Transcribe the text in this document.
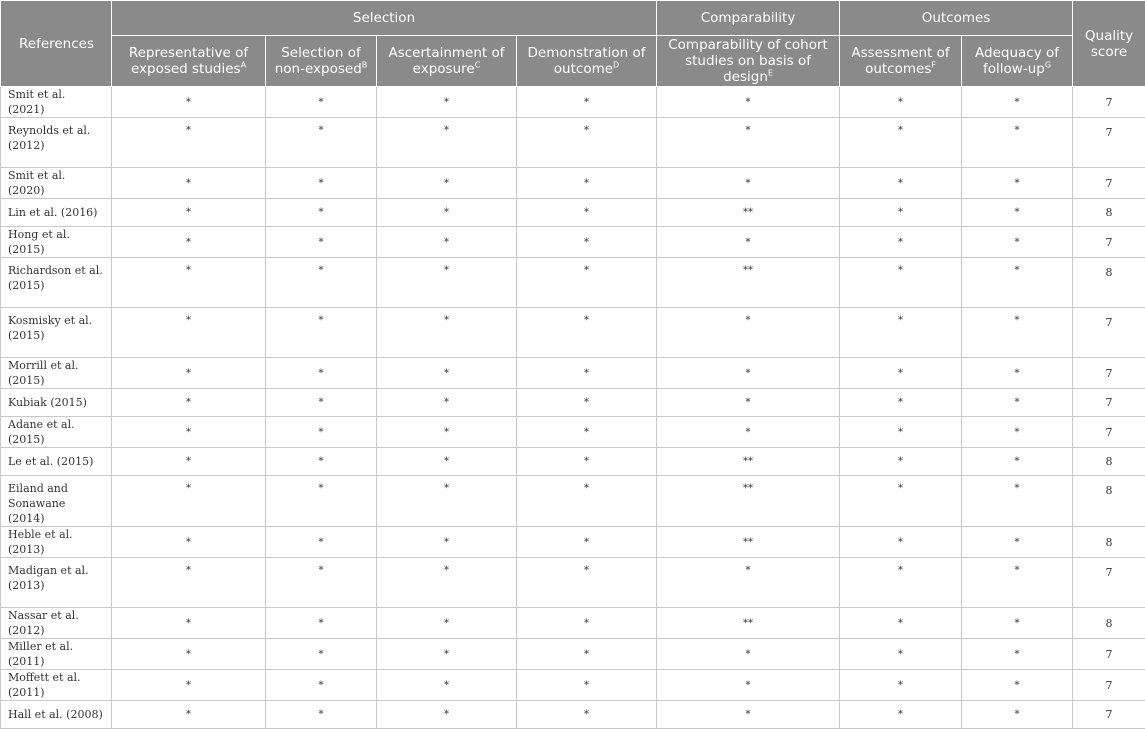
References	Selection				Comparability	Outcomes		Quality score
	Representative of exposed studies$^A$	Selection of non-exposed$^B$	Ascertainment of exposure$^C$	Demonstration of outcome$^D$	Comparability of cohort studies on basis of design$^E$	Assessment of outcomes$^F$	Adequacy of follow-$up^G$
Smit et al. (2021)	*	*	*	*	*	*	*	7
Reynolds et al. (2012)	*	*	*	*	*	*	*	7
Smit et al. (2020)	*	*	*	*	*	*	*	7
Lin et al. (2016)	*	*	*	*	**	*	*	8
Hong et al. (2015)	*	*	*	*	*	*	*	7
Richardson et al. (2015)	*	*	*	*	**	*	*	8
Kosmisky et al. (2015)	*	*	*	*	*	*	*	7
Morrill et al. (2015)	*	*	*	*	*	*	*	7
Kubiak (2015)	*	*	*	*	*	*	*	7
Adane et al. (2015)	*	*	*	*	*	*	*	7
Le et al. (2015)	*	*	*	*	**	*	*	8
Eiland and Sonawane (2014)	*	*	*	*	**	*	*	8
Heble et al. (2013)	*	*	*	*	**	*	*	8
Madigan et al. (2013)	*	*	*	*	*	*	*	7
Nassar et al. (2012)	*	*	*	*	**	*	*	8
Miller et al. (2011)	*	*	*	*	*	*	*	7
Moffett et al. (2011)	*	*	*	*	*	*	*	7
Hall et al. (2008)	*	*	*	*	*	*	*	7
